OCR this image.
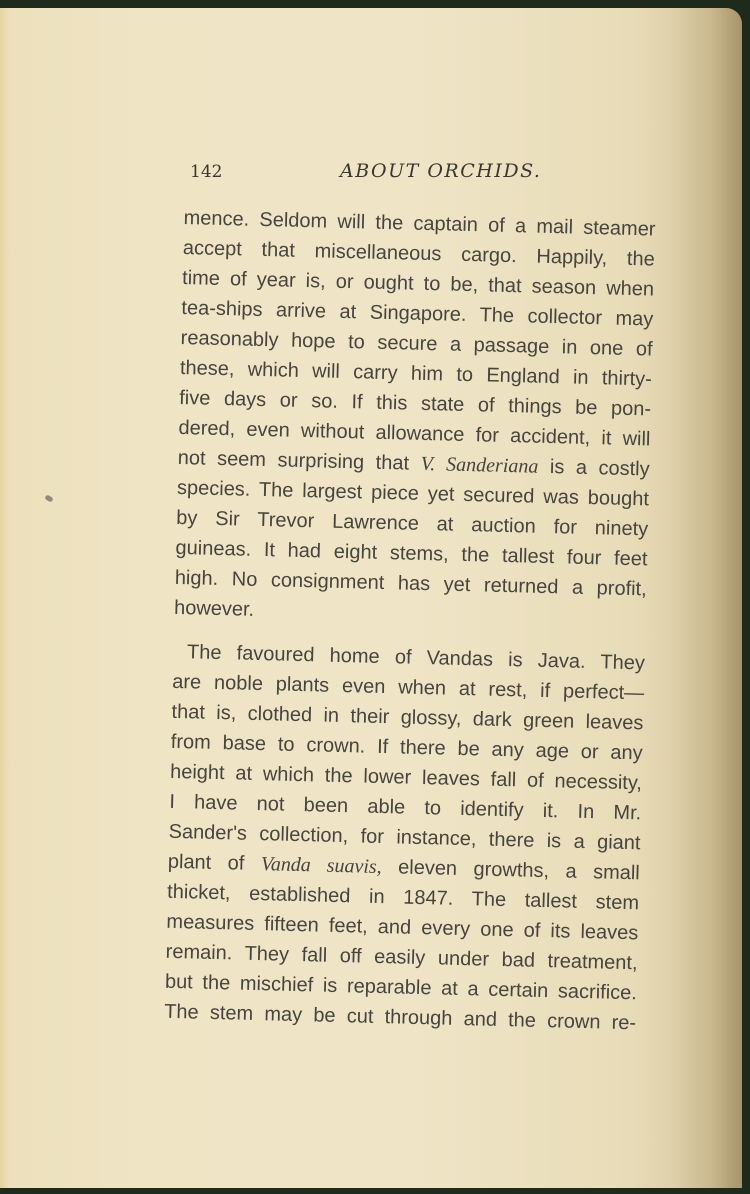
142	ABOUT ORCHIDS.
mence. Seldom will the captain of a mail steamer
accept that miscellaneous cargo. Happily, the
time of year is, or ought to be, that season when
tea-ships arrive at Singapore. The collector may
reasonably hope to secure a passage in one of
these, which will carry him to England in thirty-
five days or so. If this state of things be pon-
dered, even without allowance for accident, it will
not seem surprising that V. Sanderiana is a costly
species. The largest piece yet secured was bought
by Sir Trevor Lawrence at auction for ninety
guineas. It had eight stems, the tallest four feet
high. No consignment has yet returned a profit,
however.
The favoured home of Vandas is Java. They
are noble plants even when at rest, if perfect—
that is, clothed in their glossy, dark green leaves
from base to crown. If there be any age or any
height at which the lower leaves fall of necessity,
I have not been able to identify it. In Mr.
Sander's collection, for instance, there is a giant
plant of Vanda suavis, eleven growths, a small
thicket, established in 1847. The tallest stem
measures fifteen feet, and every one of its leaves
remain. They fall off easily under bad treatment,
but the mischief is reparable at a certain sacrifice.
The stem may be cut through and the crown re-
